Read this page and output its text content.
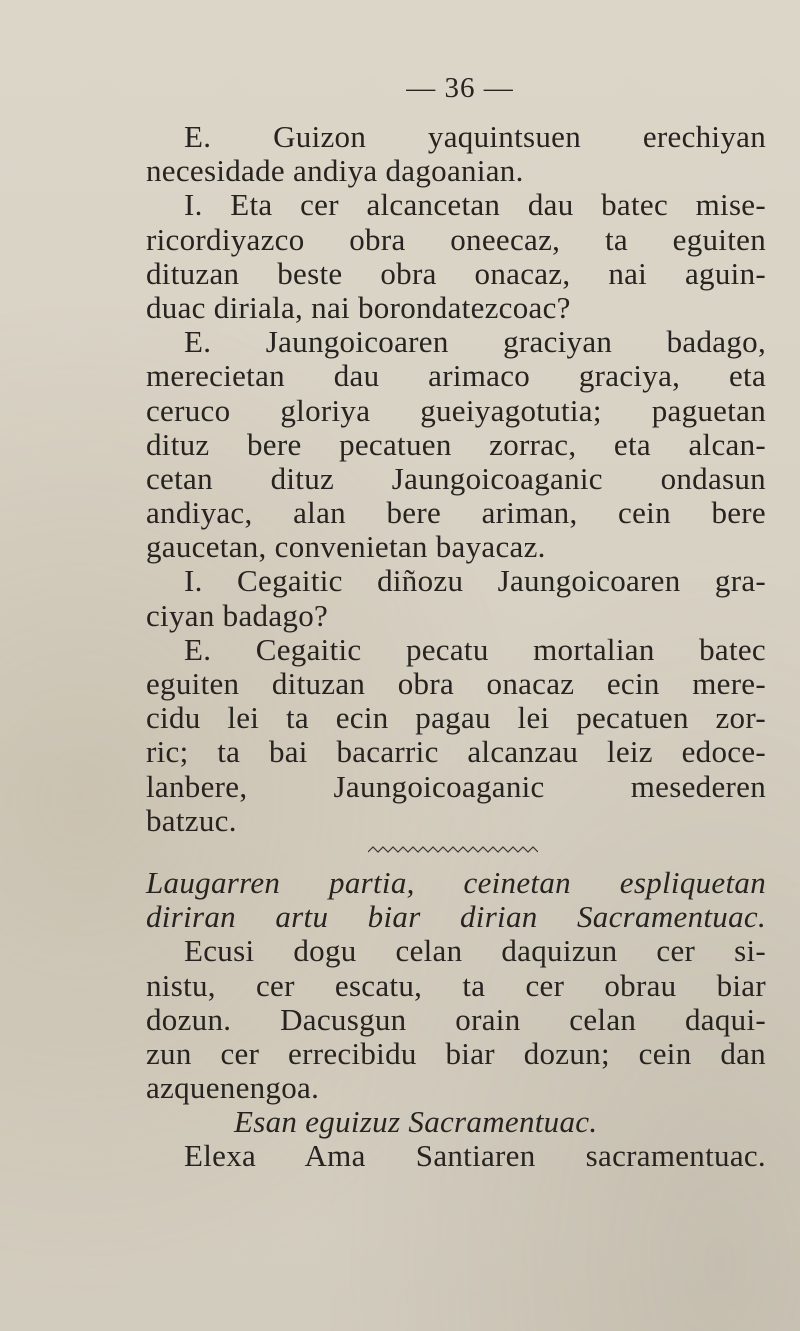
— 36 —
E. Guizon yaquintsuen erechiyan
necesidade andiya dagoanian.
I. Eta cer alcancetan dau batec mise-
ricordiyazco obra oneecaz, ta eguiten
dituzan beste obra onacaz, nai aguin-
duac diriala, nai borondatezcoac?
E. Jaungoicoaren graciyan badago,
merecietan dau arimaco graciya, eta
ceruco gloriya gueiyagotutia; paguetan
dituz bere pecatuen zorrac, eta alcan-
cetan dituz Jaungoicoaganic ondasun
andiyac, alan bere ariman, cein bere
gaucetan, convenietan bayacaz.
I. Cegaitic diñozu Jaungoicoaren gra-
ciyan badago?
E. Cegaitic pecatu mortalian batec
eguiten dituzan obra onacaz ecin mere-
cidu lei ta ecin pagau lei pecatuen zor-
ric; ta bai bacarric alcanzau leiz edoce-
lanbere, Jaungoicoaganic mesederen
batzuc.
Laugarren partia, ceinetan espliquetan
diriran artu biar dirian Sacramentuac.
Ecusi dogu celan daquizun cer si-
nistu, cer escatu, ta cer obrau biar
dozun. Dacusgun orain celan daqui-
zun cer errecibidu biar dozun; cein dan
azquenengoa.
Esan eguizuz Sacramentuac.
Elexa Ama Santiaren sacramentuac.
